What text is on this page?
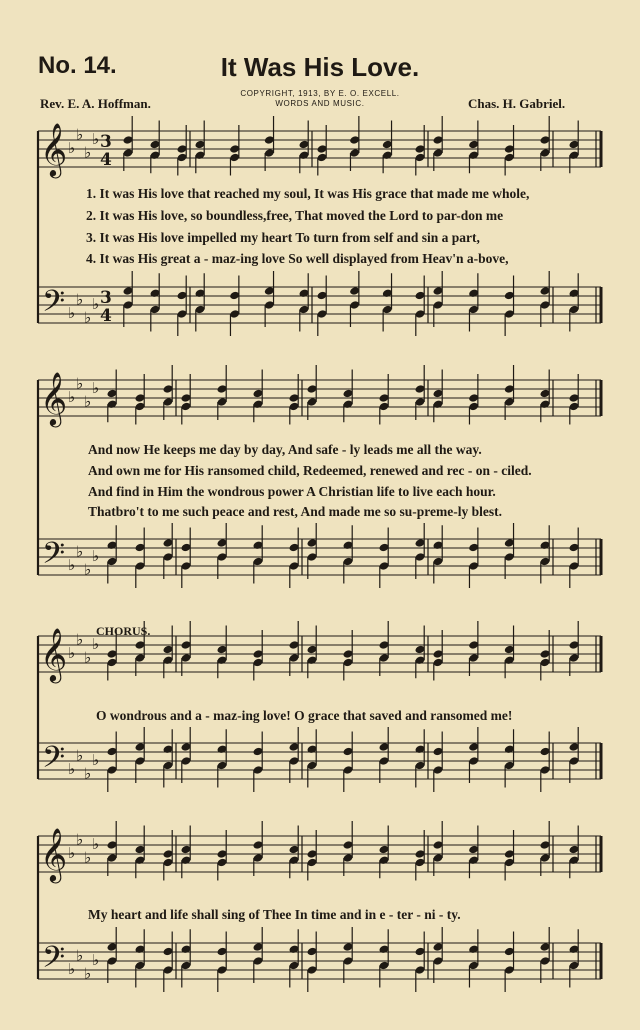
No. 14.	It Was His Love.
COPYRIGHT, 1913, BY E. O. EXCELL.
WORDS AND MUSIC.
Rev. E. A. Hoffman.	Chas. H. Gabriel.
𝄞
𝄢
♭
♭
♭
♭
♭
♭
♭
♭
3
4
3
4
𝄞
𝄢
♭
♭
♭
♭
♭
♭
♭
♭
𝄞
𝄢
♭
♭
♭
♭
♭
♭
♭
♭
𝄞
𝄢
♭
♭
♭
♭
♭
♭
♭
♭
1. It was His love that reached my soul, It was His grace that made me whole,
2. It was His love, so boundless,free, That moved the Lord to par-don me
3. It was His love impelled my heart To turn from self and sin a part,
4. It was His great a - maz-ing love So well displayed from Heav'n a-bove,
And now He keeps me day by day, And safe - ly leads me all the way.
And own me for His ransomed child, Redeemed, renewed and rec - on - ciled.
And find in Him the wondrous power A Christian life to live each hour.
Thatbro't to me such peace and rest, And made me so su-preme-ly blest.
CHORUS.
O wondrous and a - maz-ing love! O grace that saved and ransomed me!
My heart and life shall sing of Thee In time and in e - ter - ni - ty.
